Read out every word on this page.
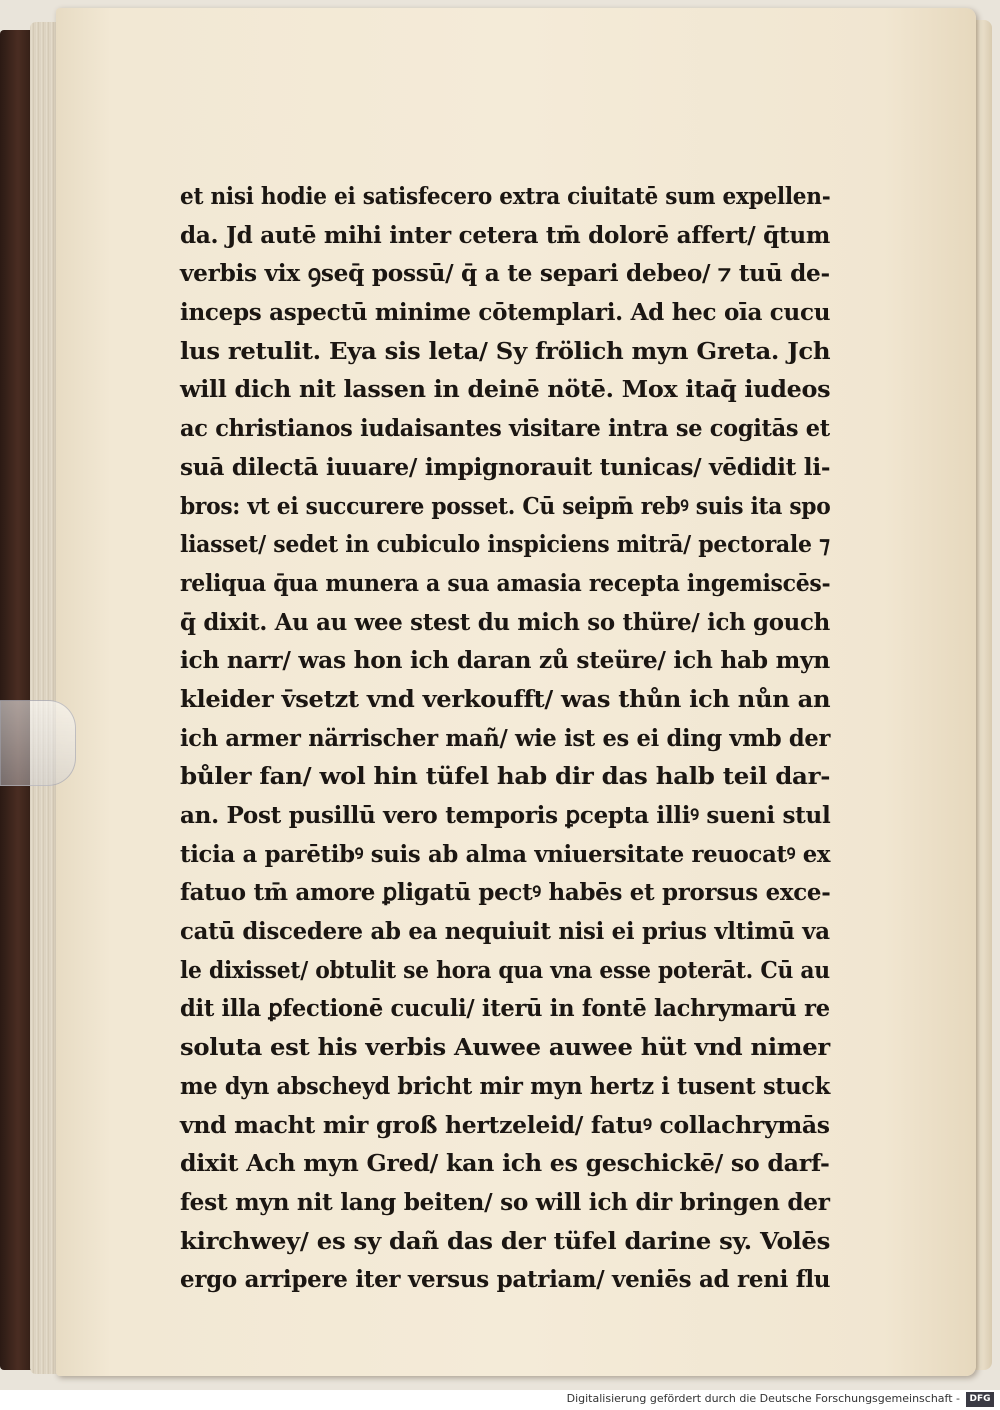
et nisi hodie ei satisfecero extra ciuitatē sum expellen-
da. Jd autē mihi inter cetera tm̄ dolorē affert/ q̄tum
verbis vix ꝯseq̄ possū/ q̄ a te separi debeo/ ⁊ tuū de-
inceps aspectū minime cōtemplari. Ad hec oīa cucu
lus retulit. Eya sis leta/ Sy frölich myn Greta. Jch
will dich nit lassen in deinē nötē. Mox itaq̄ iudeos
ac christianos iudaisantes visitare intra se cogitās et
suā dilectā iuuare/ impignorauit tunicas/ vēdidit li-
bros: vt ei succurere posset. Cū seipm̄ rebꝰ suis ita spo
liasset/ sedet in cubiculo inspiciens mitrā/ pectorale ⁊
reliqua q̄ua munera a sua amasia recepta ingemiscēs-
q̄ dixit. Au au wee stest du mich so thüre/ ich gouch
ich narr/ was hon ich daran zů steüre/ ich hab myn
kleider v̄setzt vnd verkoufft/ was thůn ich nůn an
ich armer närrischer mañ/ wie ist es ei ding vmb der
bůler fan/ wol hin tüfel hab dir das halb teil dar-
an. Post pusillū vero temporis ꝑcepta illiꝰ sueni stul
ticia a parētibꝰ suis ab alma vniuersitate reuocatꝰ ex
fatuo tm̄ amore ꝑligatū pectꝰ habēs et prorsus exce-
catū discedere ab ea nequiuit nisi ei prius vltimū va
le dixisset/ obtulit se hora qua vna esse poterāt. Cū au
dit illa ꝑfectionē cuculi/ iterū in fontē lachrymarū re
soluta est his verbis Auwee auwee hüt vnd nimer
me dyn abscheyd bricht mir myn hertz i tusent stuck
vnd macht mir groß hertzeleid/ fatuꝰ collachrymās
dixit Ach myn Gred/ kan ich es geschickē/ so darf-
fest myn nit lang beiten/ so will ich dir bringen der
kirchwey/ es sy dañ das der tüfel darine sy. Volēs
ergo arripere iter versus patriam/ veniēs ad reni flu
Digitalisierung gefördert durch die Deutsche Forschungsgemeinschaft -	DFG
